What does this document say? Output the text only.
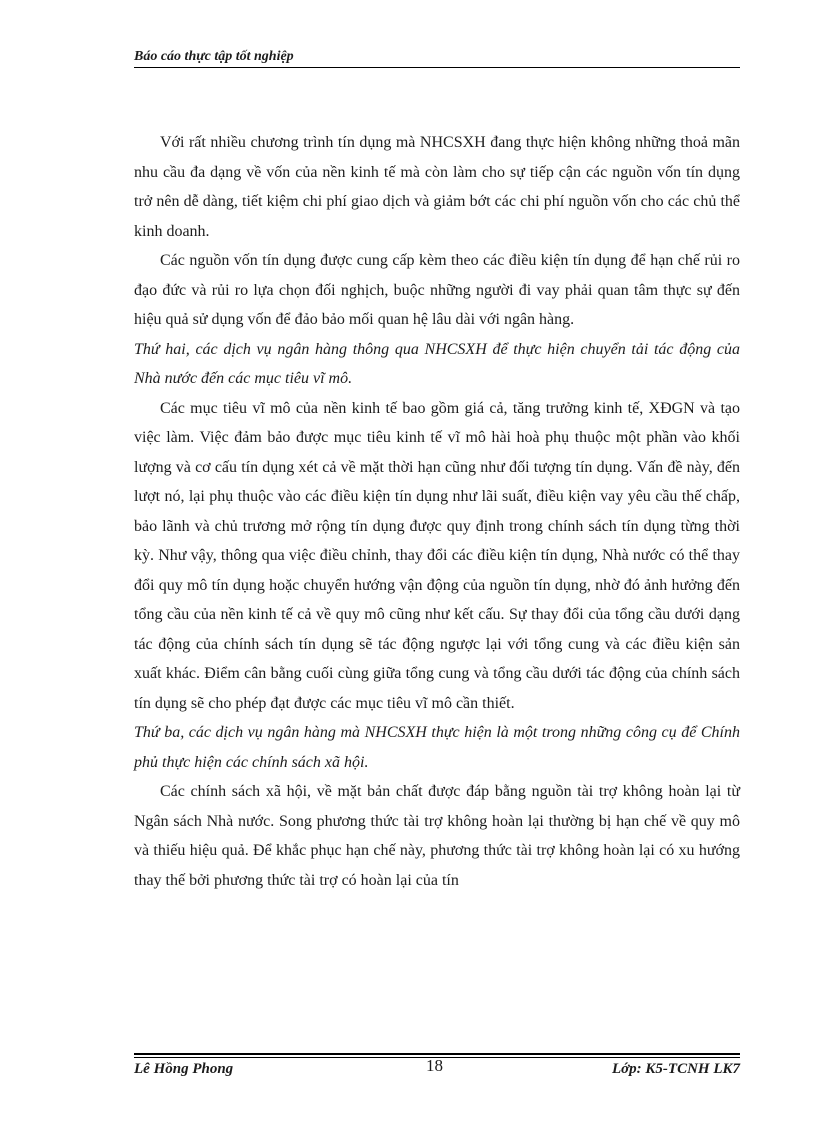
Báo cáo thực tập tốt nghiệp

Với rất nhiều chương trình tín dụng mà NHCSXH đang thực hiện không những thoả mãn nhu cầu đa dạng về vốn của nền kinh tế mà còn làm cho sự tiếp cận các nguồn vốn tín dụng trở nên dễ dàng, tiết kiệm chi phí giao dịch và giảm bớt các chi phí nguồn vốn cho các chủ thể kinh doanh.

Các nguồn vốn tín dụng được cung cấp kèm theo các điều kiện tín dụng để hạn chế rủi ro đạo đức và rủi ro lựa chọn đối nghịch, buộc những người đi vay phải quan tâm thực sự đến hiệu quả sử dụng vốn để đảo bảo mối quan hệ lâu dài với ngân hàng.

Thứ hai, các dịch vụ ngân hàng thông qua NHCSXH để thực hiện chuyển tải tác động của Nhà nước đến các mục tiêu vĩ mô.

Các mục tiêu vĩ mô của nền kinh tế bao gồm giá cả, tăng trưởng kinh tế, XĐGN và tạo việc làm. Việc đảm bảo được mục tiêu kinh tế vĩ mô hài hoà phụ thuộc một phần vào khối lượng và cơ cấu tín dụng xét cả về mặt thời hạn cũng như đối tượng tín dụng. Vấn đề này, đến lượt nó, lại phụ thuộc vào các điều kiện tín dụng như lãi suất, điều kiện vay yêu cầu thế chấp, bảo lãnh và chủ trương mở rộng tín dụng được quy định trong chính sách tín dụng từng thời kỳ. Như vậy, thông qua việc điều chỉnh, thay đổi các điều kiện tín dụng, Nhà nước có thể thay đổi quy mô tín dụng hoặc chuyển hướng vận động của nguồn tín dụng, nhờ đó ảnh hưởng đến tổng cầu của nền kinh tế cả về quy mô cũng như kết cấu. Sự thay đổi của tổng cầu dưới dạng tác động của chính sách tín dụng sẽ tác động ngược lại với tổng cung và các điều kiện sản xuất khác. Điểm cân bằng cuối cùng giữa tổng cung và tổng cầu dưới tác động của chính sách tín dụng sẽ cho phép đạt được các mục tiêu vĩ mô cần thiết.

Thứ ba, các dịch vụ ngân hàng mà NHCSXH thực hiện là một trong những công cụ để Chính phủ thực hiện các chính sách xã hội.

Các chính sách xã hội, về mặt bản chất được đáp bằng nguồn tài trợ không hoàn lại từ Ngân sách Nhà nước. Song phương thức tài trợ không hoàn lại thường bị hạn chế về quy mô và thiếu hiệu quả. Để khắc phục hạn chế này, phương thức tài trợ không hoàn lại có xu hướng thay thế bởi phương thức tài trợ có hoàn lại của tín

Lê Hồng Phong	18	Lớp: K5-TCNH LK7
